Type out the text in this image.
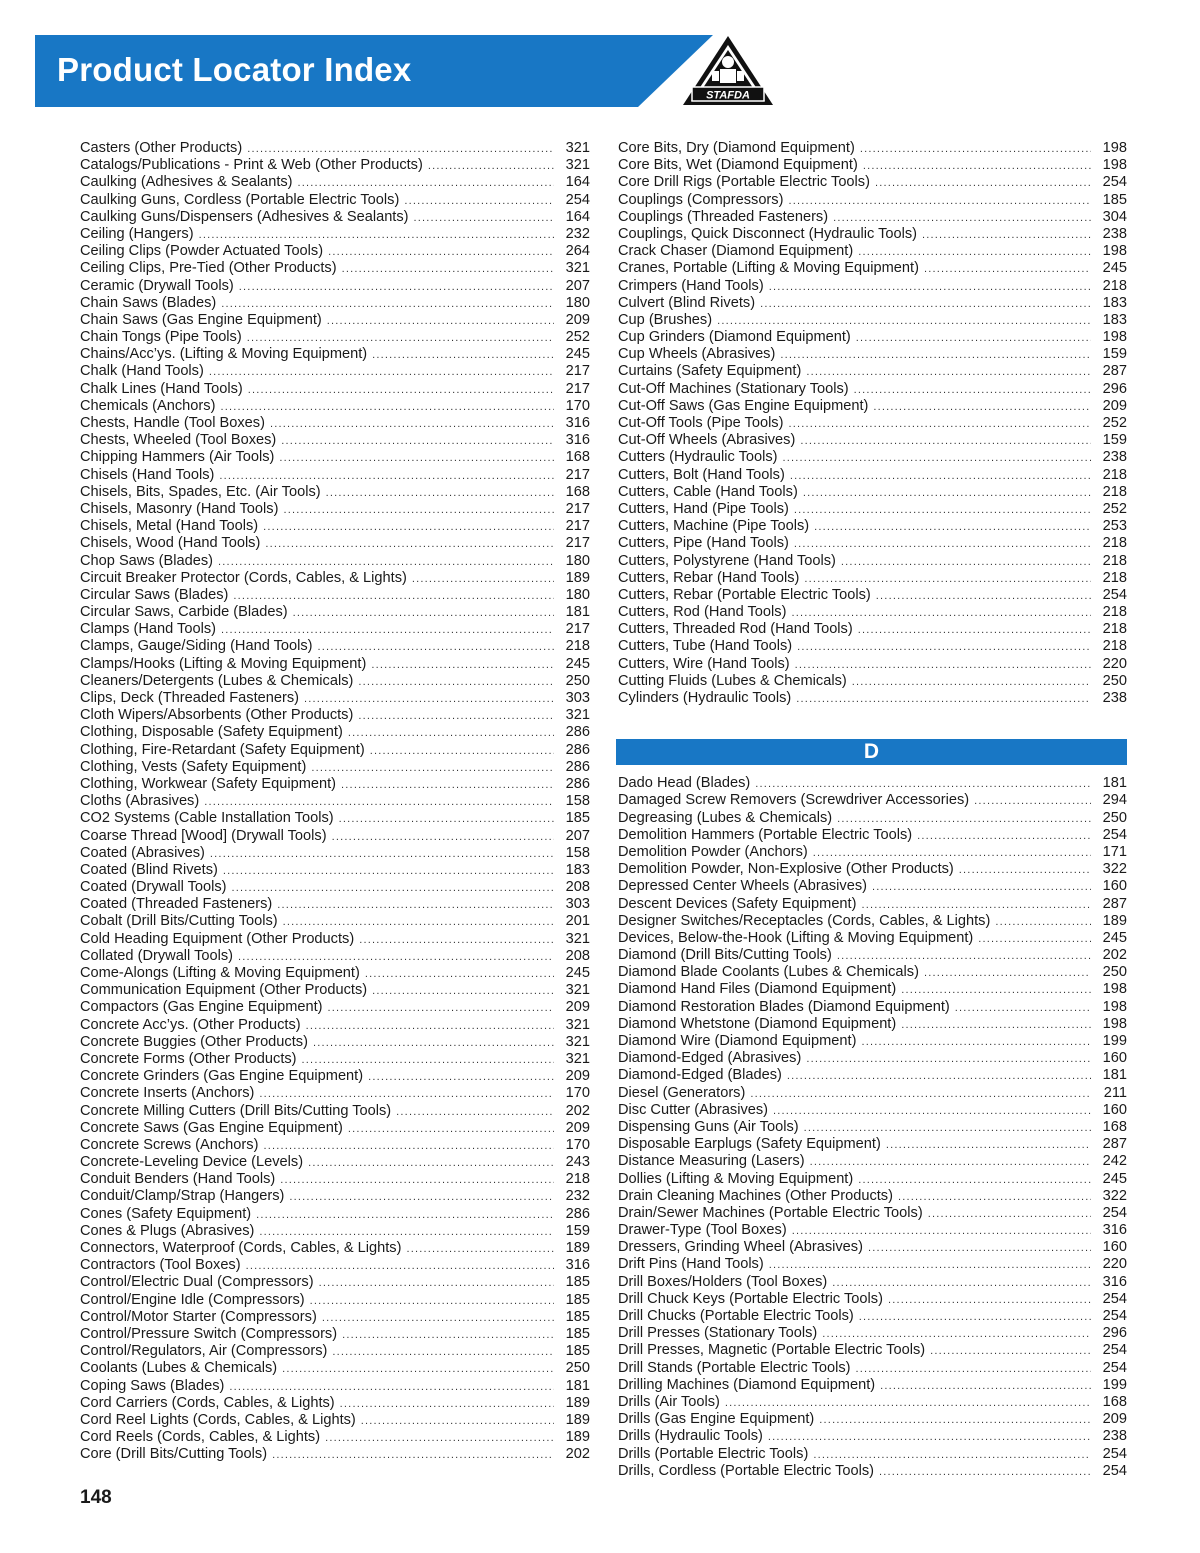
Product Locator Index
STAFDA
Casters (Other Products) .....	321
Catalogs/Publications - Print & Web (Other Products) .....	321
Caulking (Adhesives & Sealants) .....	164
Caulking Guns, Cordless (Portable Electric Tools) .....	254
Caulking Guns/Dispensers (Adhesives & Sealants) .....	164
Ceiling (Hangers) .....	232
Ceiling Clips (Powder Actuated Tools) .....	264
Ceiling Clips, Pre-Tied (Other Products) .....	321
Ceramic (Drywall Tools) .....	207
Chain Saws (Blades) .....	180
Chain Saws (Gas Engine Equipment) .....	209
Chain Tongs (Pipe Tools) .....	252
Chains/Acc’ys. (Lifting & Moving Equipment) .....	245
Chalk (Hand Tools) .....	217
Chalk Lines (Hand Tools) .....	217
Chemicals (Anchors) .....	170
Chests, Handle (Tool Boxes) .....	316
Chests, Wheeled (Tool Boxes) .....	316
Chipping Hammers (Air Tools) .....	168
Chisels (Hand Tools) .....	217
Chisels, Bits, Spades, Etc. (Air Tools) .....	168
Chisels, Masonry (Hand Tools) .....	217
Chisels, Metal (Hand Tools) .....	217
Chisels, Wood (Hand Tools) .....	217
Chop Saws (Blades) .....	180
Circuit Breaker Protector (Cords, Cables, & Lights) .....	189
Circular Saws (Blades) .....	180
Circular Saws, Carbide (Blades) .....	181
Clamps (Hand Tools) .....	217
Clamps, Gauge/Siding (Hand Tools) .....	218
Clamps/Hooks (Lifting & Moving Equipment) .....	245
Cleaners/Detergents (Lubes & Chemicals) .....	250
Clips, Deck (Threaded Fasteners) .....	303
Cloth Wipers/Absorbents (Other Products) .....	321
Clothing, Disposable (Safety Equipment) .....	286
Clothing, Fire-Retardant (Safety Equipment) .....	286
Clothing, Vests (Safety Equipment) .....	286
Clothing, Workwear (Safety Equipment) .....	286
Cloths (Abrasives) .....	158
CO2 Systems (Cable Installation Tools) .....	185
Coarse Thread [Wood] (Drywall Tools) .....	207
Coated (Abrasives) .....	158
Coated (Blind Rivets) .....	183
Coated (Drywall Tools) .....	208
Coated (Threaded Fasteners) .....	303
Cobalt (Drill Bits/Cutting Tools) .....	201
Cold Heading Equipment (Other Products) .....	321
Collated (Drywall Tools) .....	208
Come-Alongs (Lifting & Moving Equipment) .....	245
Communication Equipment (Other Products) .....	321
Compactors (Gas Engine Equipment) .....	209
Concrete Acc’ys. (Other Products) .....	321
Concrete Buggies (Other Products) .....	321
Concrete Forms (Other Products) .....	321
Concrete Grinders (Gas Engine Equipment) .....	209
Concrete Inserts (Anchors) .....	170
Concrete Milling Cutters (Drill Bits/Cutting Tools) .....	202
Concrete Saws (Gas Engine Equipment) .....	209
Concrete Screws (Anchors) .....	170
Concrete-Leveling Device (Levels) .....	243
Conduit Benders (Hand Tools) .....	218
Conduit/Clamp/Strap (Hangers) .....	232
Cones (Safety Equipment) .....	286
Cones & Plugs (Abrasives) .....	159
Connectors, Waterproof (Cords, Cables, & Lights) .....	189
Contractors (Tool Boxes) .....	316
Control/Electric Dual (Compressors) .....	185
Control/Engine Idle (Compressors) .....	185
Control/Motor Starter (Compressors) .....	185
Control/Pressure Switch (Compressors) .....	185
Control/Regulators, Air (Compressors) .....	185
Coolants (Lubes & Chemicals) .....	250
Coping Saws (Blades) .....	181
Cord Carriers (Cords, Cables, & Lights) .....	189
Cord Reel Lights (Cords, Cables, & Lights) .....	189
Cord Reels (Cords, Cables, & Lights) .....	189
Core (Drill Bits/Cutting Tools) .....	202
Core Bits, Dry (Diamond Equipment) .....	198
Core Bits, Wet (Diamond Equipment) .....	198
Core Drill Rigs (Portable Electric Tools) .....	254
Couplings (Compressors) .....	185
Couplings (Threaded Fasteners) .....	304
Couplings, Quick Disconnect (Hydraulic Tools) .....	238
Crack Chaser (Diamond Equipment) .....	198
Cranes, Portable (Lifting & Moving Equipment) .....	245
Crimpers (Hand Tools) .....	218
Culvert (Blind Rivets) .....	183
Cup (Brushes) .....	183
Cup Grinders (Diamond Equipment) .....	198
Cup Wheels (Abrasives) .....	159
Curtains (Safety Equipment) .....	287
Cut-Off Machines (Stationary Tools) .....	296
Cut-Off Saws (Gas Engine Equipment) .....	209
Cut-Off Tools (Pipe Tools) .....	252
Cut-Off Wheels (Abrasives) .....	159
Cutters (Hydraulic Tools) .....	238
Cutters, Bolt (Hand Tools) .....	218
Cutters, Cable (Hand Tools) .....	218
Cutters, Hand (Pipe Tools) .....	252
Cutters, Machine (Pipe Tools) .....	253
Cutters, Pipe (Hand Tools) .....	218
Cutters, Polystyrene (Hand Tools) .....	218
Cutters, Rebar (Hand Tools) .....	218
Cutters, Rebar (Portable Electric Tools) .....	254
Cutters, Rod (Hand Tools) .....	218
Cutters, Threaded Rod (Hand Tools) .....	218
Cutters, Tube (Hand Tools) .....	218
Cutters, Wire (Hand Tools) .....	220
Cutting Fluids (Lubes & Chemicals) .....	250
Cylinders (Hydraulic Tools) .....	238
D
Dado Head (Blades) .....	181
Damaged Screw Removers (Screwdriver Accessories) .....	294
Degreasing (Lubes & Chemicals) .....	250
Demolition Hammers (Portable Electric Tools) .....	254
Demolition Powder (Anchors) .....	171
Demolition Powder, Non-Explosive (Other Products) .....	322
Depressed Center Wheels (Abrasives) .....	160
Descent Devices (Safety Equipment) .....	287
Designer Switches/Receptacles (Cords, Cables, & Lights) .....	189
Devices, Below-the-Hook (Lifting & Moving Equipment) .....	245
Diamond (Drill Bits/Cutting Tools) .....	202
Diamond Blade Coolants (Lubes & Chemicals) .....	250
Diamond Hand Files (Diamond Equipment) .....	198
Diamond Restoration Blades (Diamond Equipment) .....	198
Diamond Whetstone (Diamond Equipment) .....	198
Diamond Wire (Diamond Equipment) .....	199
Diamond-Edged (Abrasives) .....	160
Diamond-Edged (Blades) .....	181
Diesel (Generators) .....	211
Disc Cutter (Abrasives) .....	160
Dispensing Guns (Air Tools) .....	168
Disposable Earplugs (Safety Equipment) .....	287
Distance Measuring (Lasers) .....	242
Dollies (Lifting & Moving Equipment) .....	245
Drain Cleaning Machines (Other Products) .....	322
Drain/Sewer Machines (Portable Electric Tools) .....	254
Drawer-Type (Tool Boxes) .....	316
Dressers, Grinding Wheel (Abrasives) .....	160
Drift Pins (Hand Tools) .....	220
Drill Boxes/Holders (Tool Boxes) .....	316
Drill Chuck Keys (Portable Electric Tools) .....	254
Drill Chucks (Portable Electric Tools) .....	254
Drill Presses (Stationary Tools) .....	296
Drill Presses, Magnetic (Portable Electric Tools) .....	254
Drill Stands (Portable Electric Tools) .....	254
Drilling Machines (Diamond Equipment) .....	199
Drills (Air Tools) .....	168
Drills (Gas Engine Equipment) .....	209
Drills (Hydraulic Tools) .....	238
Drills (Portable Electric Tools) .....	254
Drills, Cordless (Portable Electric Tools) .....	254
148
